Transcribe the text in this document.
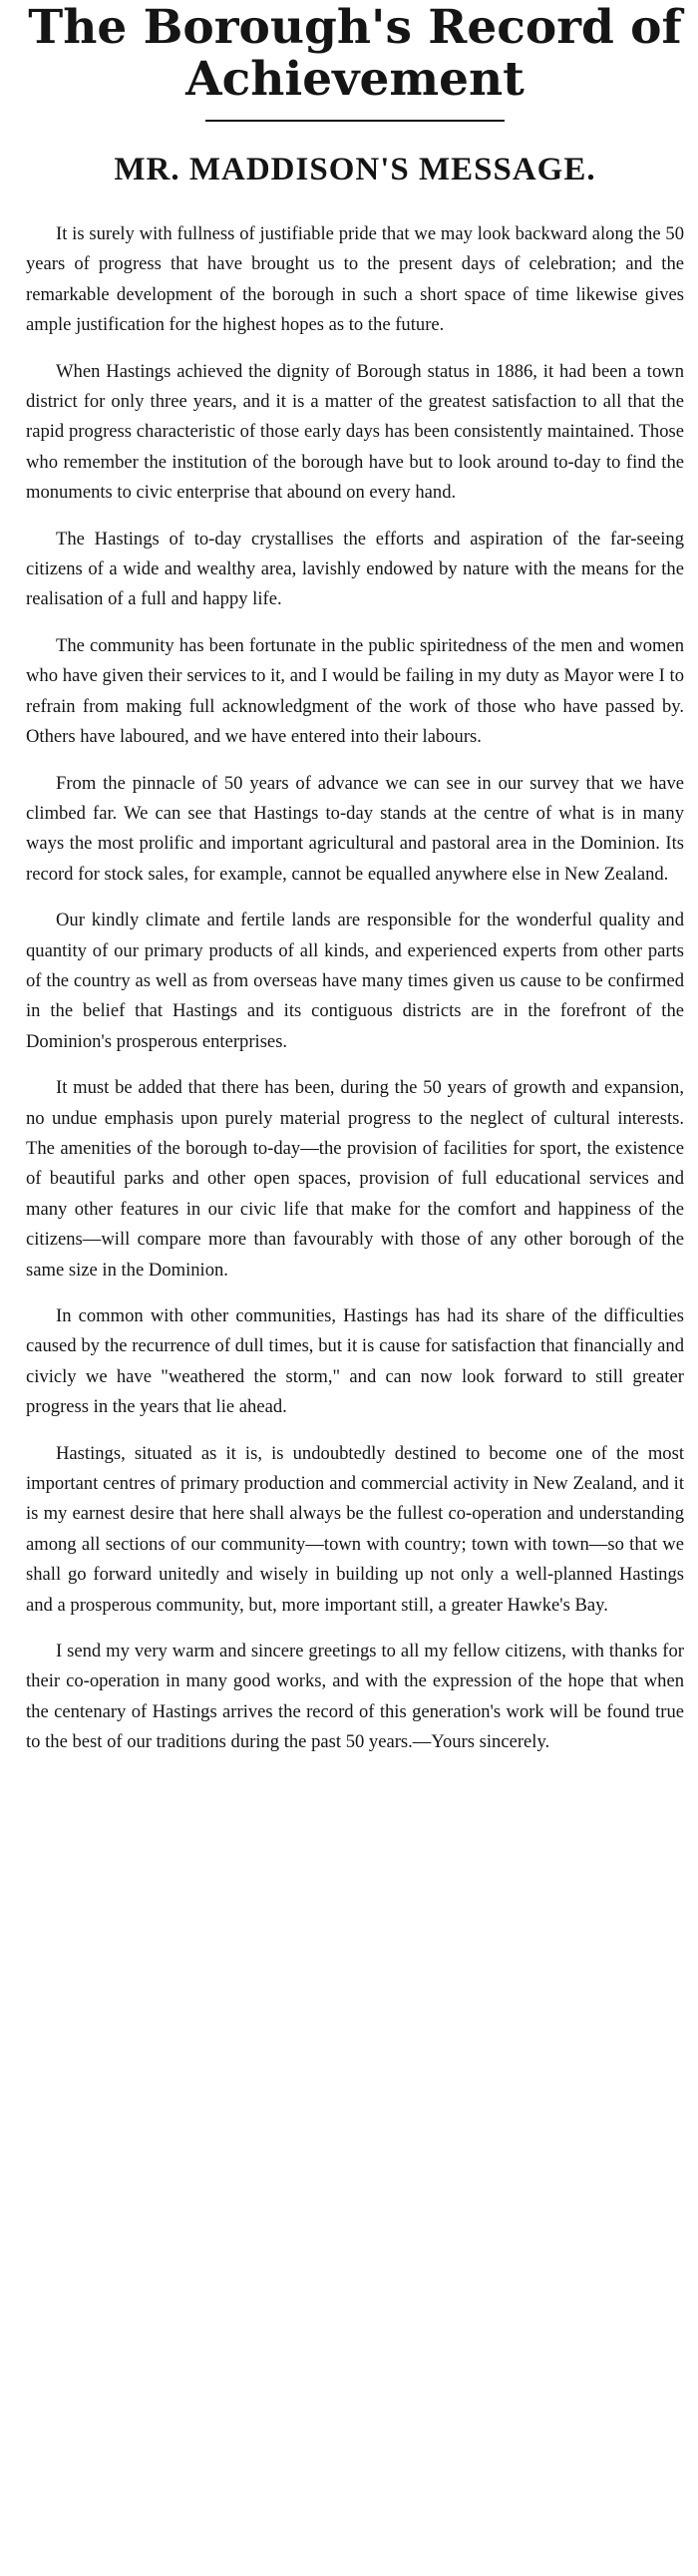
The Borough's Record of
Achievement
MR. MADDISON'S MESSAGE.

It is surely with fullness of justifiable pride that we may look backward along the 50 years of progress that have brought us to the present days of celebration; and the remarkable development of the borough in such a short space of time likewise gives ample justification for the highest hopes as to the future.

When Hastings achieved the dignity of Borough status in 1886, it had been a town district for only three years, and it is a matter of the greatest satisfaction to all that the rapid progress characteristic of those early days has been consistently maintained. Those who remember the institution of the borough have but to look around to-day to find the monuments to civic enterprise that abound on every hand.

The Hastings of to-day crystallises the efforts and aspiration of the far-seeing citizens of a wide and wealthy area, lavishly endowed by nature with the means for the realisation of a full and happy life.

The community has been fortunate in the public spiritedness of the men and women who have given their services to it, and I would be failing in my duty as Mayor were I to refrain from making full acknowledgment of the work of those who have passed by. Others have laboured, and we have entered into their labours.

From the pinnacle of 50 years of advance we can see in our survey that we have climbed far. We can see that Hastings to-day stands at the centre of what is in many ways the most prolific and important agricultural and pastoral area in the Dominion. Its record for stock sales, for example, cannot be equalled anywhere else in New Zealand.

Our kindly climate and fertile lands are responsible for the wonderful quality and quantity of our primary products of all kinds, and experienced experts from other parts of the country as well as from overseas have many times given us cause to be confirmed in the belief that Hastings and its contiguous districts are in the forefront of the Dominion's prosperous enterprises.

It must be added that there has been, during the 50 years of growth and expansion, no undue emphasis upon purely material progress to the neglect of cultural interests. The amenities of the borough to-day—the provision of facilities for sport, the existence of beautiful parks and other open spaces, provision of full educational services and many other features in our civic life that make for the comfort and happiness of the citizens—will compare more than favourably with those of any other borough of the same size in the Dominion.

In common with other communities, Hastings has had its share of the difficulties caused by the recurrence of dull times, but it is cause for satisfaction that financially and civicly we have "weathered the storm," and can now look forward to still greater progress in the years that lie ahead.

Hastings, situated as it is, is undoubtedly destined to become one of the most important centres of primary production and commercial activity in New Zealand, and it is my earnest desire that here shall always be the fullest co-operation and understanding among all sections of our community—town with country; town with town—so that we shall go forward unitedly and wisely in building up not only a well-planned Hastings and a prosperous community, but, more important still, a greater Hawke's Bay.

I send my very warm and sincere greetings to all my fellow citizens, with thanks for their co-operation in many good works, and with the expression of the hope that when the centenary of Hastings arrives the record of this generation's work will be found true to the best of our traditions during the past 50 years.—Yours sincerely.
